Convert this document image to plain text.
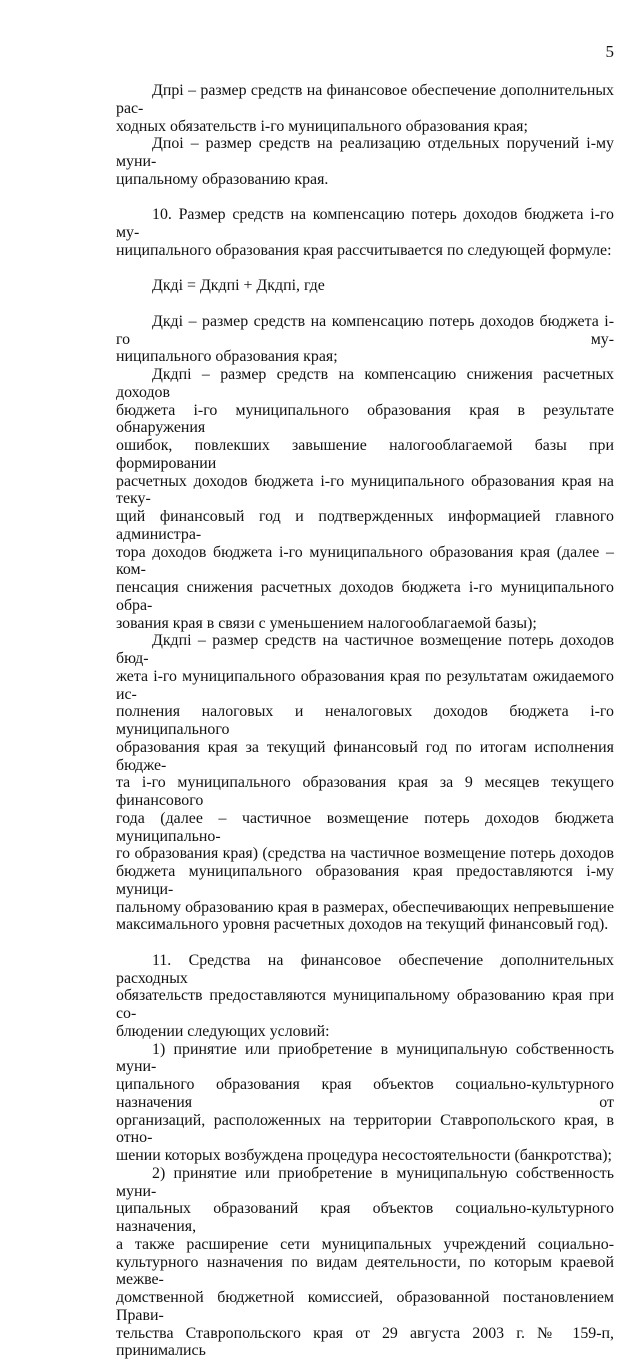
5
Дпрi – размер средств на финансовое обеспечение дополнительных рас-
ходных обязательств i-го муниципального образования края;
Дпоi – размер средств на реализацию отдельных поручений i-му муни-
ципальному образованию края.
10. Размер средств на компенсацию потерь доходов бюджета i-го му-
ниципального образования края рассчитывается по следующей формуле:
Дкдi = Дкдпi + Дкдпi, где
Дкдi – размер средств на компенсацию потерь доходов бюджета i-го му-
ниципального образования края;
Дкдпi – размер средств на компенсацию снижения расчетных доходов
бюджета i-го муниципального образования края в результате обнаружения
ошибок, повлекших завышение налогооблагаемой базы при формировании
расчетных доходов бюджета i-го муниципального образования края на теку-
щий финансовый год и подтвержденных информацией главного администра-
тора доходов бюджета i-го муниципального образования края (далее – ком-
пенсация снижения расчетных доходов бюджета i-го муниципального обра-
зования края в связи с уменьшением налогооблагаемой базы);
Дкдпi – размер средств на частичное возмещение потерь доходов бюд-
жета i-го муниципального образования края по результатам ожидаемого ис-
полнения налоговых и неналоговых доходов бюджета i-го муниципального
образования края за текущий финансовый год по итогам исполнения бюдже-
та i-го муниципального образования края за 9 месяцев текущего финансового
года (далее – частичное возмещение потерь доходов бюджета муниципально-
го образования края) (средства на частичное возмещение потерь доходов
бюджета муниципального образования края предоставляются i-му муници-
пальному образованию края в размерах, обеспечивающих непревышение
максимального уровня расчетных доходов на текущий финансовый год).
11. Средства на финансовое обеспечение дополнительных расходных
обязательств предоставляются муниципальному образованию края при со-
блюдении следующих условий:
1) принятие или приобретение в муниципальную собственность муни-
ципального образования края объектов социально-культурного назначения от
организаций, расположенных на территории Ставропольского края, в отно-
шении которых возбуждена процедура несостоятельности (банкротства);
2) принятие или приобретение в муниципальную собственность муни-
ципальных образований края объектов социально-культурного назначения,
а также расширение сети муниципальных учреждений социально-
культурного назначения по видам деятельности, по которым краевой межве-
домственной бюджетной комиссией, образованной постановлением Прави-
тельства Ставропольского края от 29 августа 2003 г. № 159-п, принимались
